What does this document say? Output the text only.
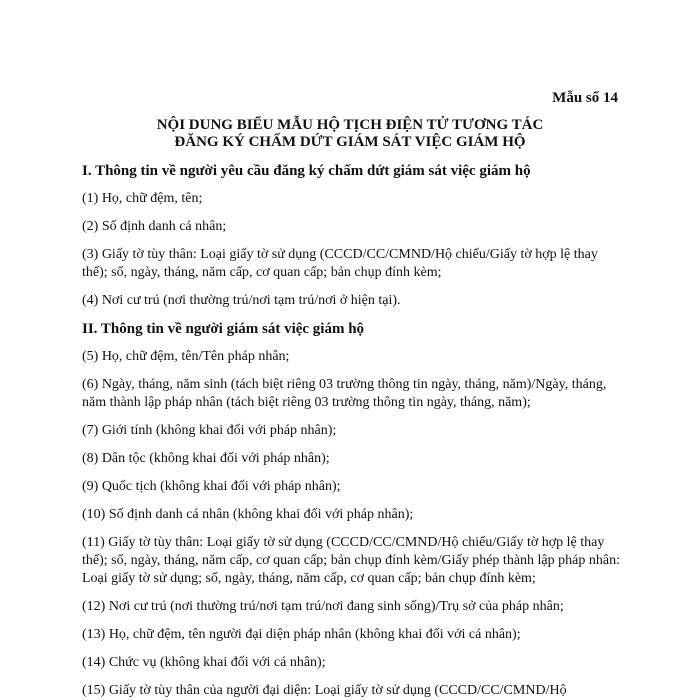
Mẫu số 14

NỘI DUNG BIỂU MẪU HỘ TỊCH ĐIỆN TỬ TƯƠNG TÁC
ĐĂNG KÝ CHẤM DỨT GIÁM SÁT VIỆC GIÁM HỘ

I. Thông tin về người yêu cầu đăng ký chấm dứt giám sát việc giám hộ

(1) Họ, chữ đệm, tên;

(2) Số định danh cá nhân;

(3) Giấy tờ tùy thân: Loại giấy tờ sử dụng (CCCD/CC/CMND/Hộ chiếu/Giấy tờ hợp lệ thay thế); số, ngày, tháng, năm cấp, cơ quan cấp; bản chụp đính kèm;

(4) Nơi cư trú (nơi thường trú/nơi tạm trú/nơi ở hiện tại).

II. Thông tin về người giám sát việc giám hộ

(5) Họ, chữ đệm, tên/Tên pháp nhân;

(6) Ngày, tháng, năm sinh (tách biệt riêng 03 trường thông tin ngày, tháng, năm)/Ngày, tháng, năm thành lập pháp nhân (tách biệt riêng 03 trường thông tin ngày, tháng, năm);

(7) Giới tính (không khai đối với pháp nhân);

(8) Dân tộc (không khai đối với pháp nhân);

(9) Quốc tịch (không khai đối với pháp nhân);

(10) Số định danh cá nhân (không khai đối với pháp nhân);

(11) Giấy tờ tùy thân: Loại giấy tờ sử dụng (CCCD/CC/CMND/Hộ chiếu/Giấy tờ hợp lệ thay thế); số, ngày, tháng, năm cấp, cơ quan cấp; bản chụp đính kèm/Giấy phép thành lập pháp nhân: Loại giấy tờ sử dụng; số, ngày, tháng, năm cấp, cơ quan cấp; bản chụp đính kèm;

(12) Nơi cư trú (nơi thường trú/nơi tạm trú/nơi đang sinh sống)/Trụ sở của pháp nhân;

(13) Họ, chữ đệm, tên người đại diện pháp nhân (không khai đối với cá nhân);

(14) Chức vụ (không khai đối với cá nhân);

(15) Giấy tờ tùy thân của người đại diện: Loại giấy tờ sử dụng (CCCD/CC/CMND/Hộ
